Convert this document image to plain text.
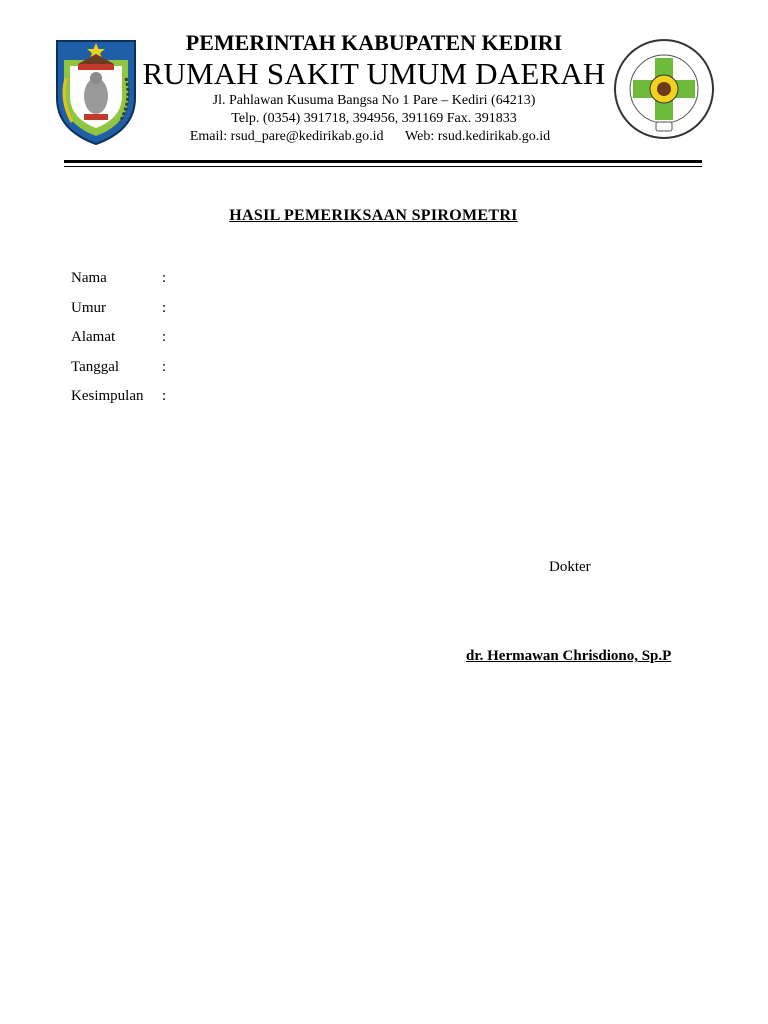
PEMERINTAH KABUPATEN KEDIRI
RUMAH SAKIT UMUM DAERAH
Jl. Pahlawan Kusuma Bangsa No 1 Pare – Kediri (64213)
Telp. (0354) 391718, 394956, 391169 Fax. 391833
Email: rsud_pare@kedirikab.go.id Web: rsud.kedirikab.go.id
HASIL PEMERIKSAAN SPIROMETRI
Nama	:
Umur	:
Alamat	:
Tanggal	:
Kesimpulan	:
Dokter
dr. Hermawan Chrisdiono, Sp.P
